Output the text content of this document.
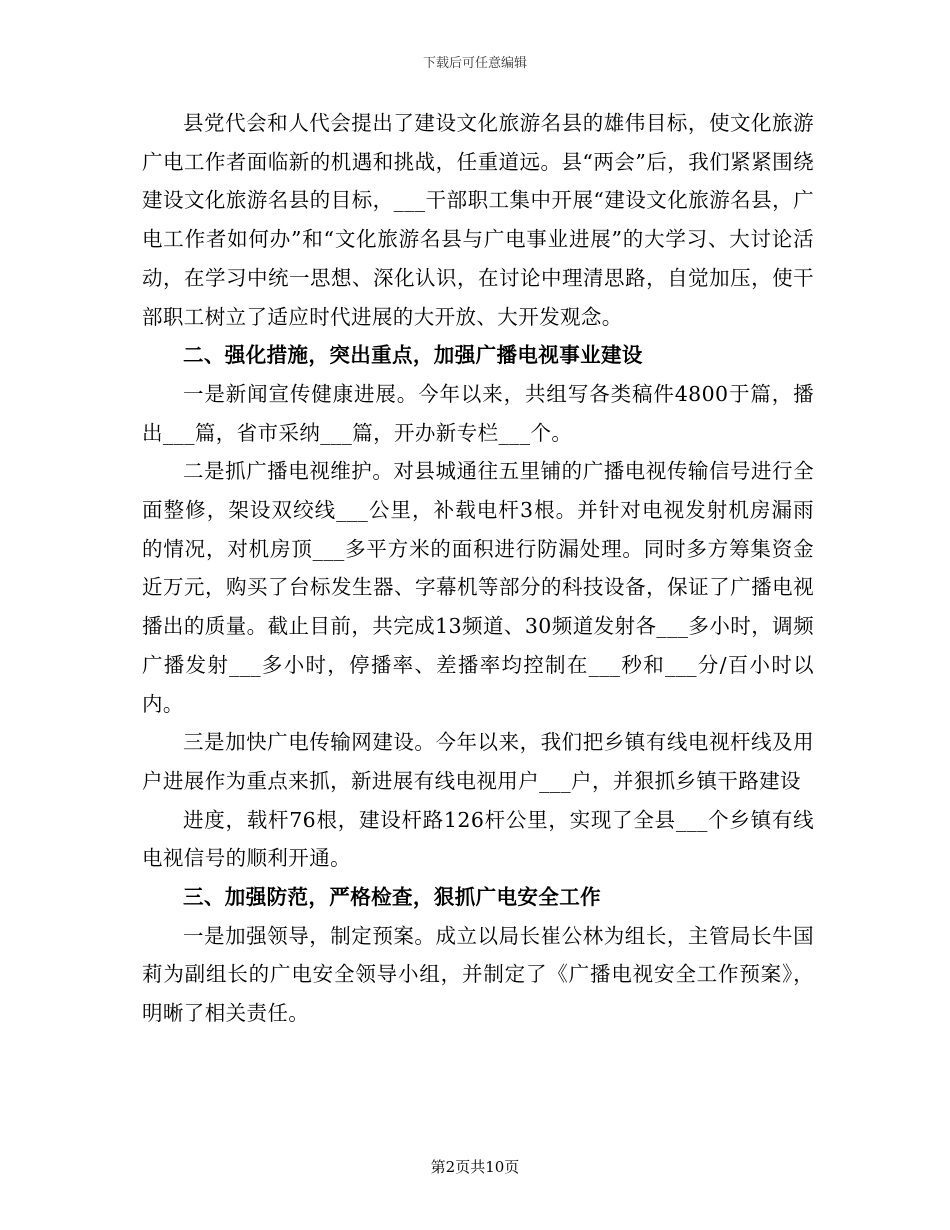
下载后可任意编辑

县党代会和人代会提出了建设文化旅游名县的雄伟目标，使文化旅游广电工作者面临新的机遇和挑战，任重道远。县“两会”后，我们紧紧围绕建设文化旅游名县的目标，___干部职工集中开展“建设文化旅游名县，广电工作者如何办”和“文化旅游名县与广电事业进展”的大学习、大讨论活动，在学习中统一思想、深化认识，在讨论中理清思路，自觉加压，使干部职工树立了适应时代进展的大开放、大开发观念。

二、强化措施，突出重点，加强广播电视事业建设

一是新闻宣传健康进展。今年以来，共组写各类稿件4800于篇，播出___篇，省市采纳___篇，开办新专栏___个。

二是抓广播电视维护。对县城通往五里铺的广播电视传输信号进行全面整修，架设双绞线___公里，补载电杆3根。并针对电视发射机房漏雨的情况，对机房顶___多平方米的面积进行防漏处理。同时多方筹集资金近万元，购买了台标发生器、字幕机等部分的科技设备，保证了广播电视播出的质量。截止目前，共完成13频道、30频道发射各___多小时，调频广播发射___多小时，停播率、差播率均控制在___秒和___分/百小时以内。

三是加快广电传输网建设。今年以来，我们把乡镇有线电视杆线及用户进展作为重点来抓，新进展有线电视用户___户，并狠抓乡镇干路建设

进度，载杆76根，建设杆路126杆公里，实现了全县___个乡镇有线电视信号的顺利开通。

三、加强防范，严格检查，狠抓广电安全工作

一是加强领导，制定预案。成立以局长崔公林为组长，主管局长牛国莉为副组长的广电安全领导小组，并制定了《广播电视安全工作预案》，明晰了相关责任。

第2页共10页
